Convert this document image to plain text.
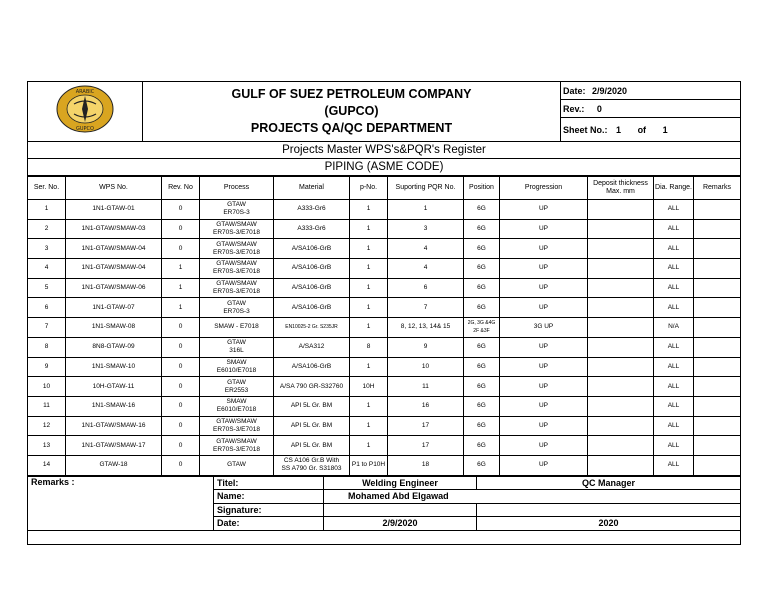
ARABIC
GUPCO

GULF OF SUEZ PETROLEUM COMPANY
(GUPCO)
PROJECTS QA/QC DEPARTMENT
	Date: 2/9/2020
Rev.: 0
Sheet No.: 1 of 1
Projects Master WPS's&PQR's Register
PIPING (ASME CODE)
Ser. No.	WPS No.	Rev. No	Process	Material	p-No.	Suporting PQR No.	Position	Progression	Deposit thickness Max. mm	Dia. Range.	Remarks
1	1N1-GTAW-01	0	GTAW
ER70S-3	A333-Gr6	1	1	6G	UP		ALL	
2	1N1-GTAW/SMAW-03	0	GTAW/SMAW
ER70S-3/E7018	A333-Gr6	1	3	6G	UP		ALL	
3	1N1-GTAW/SMAW-04	0	GTAW/SMAW
ER70S-3/E7018	A/SA106-GrB	1	4	6G	UP		ALL	
4	1N1-GTAW/SMAW-04	1	GTAW/SMAW
ER70S-3/E7018	A/SA106-GrB	1	4	6G	UP		ALL	
5	1N1-GTAW/SMAW-06	1	GTAW/SMAW
ER70S-3/E7018	A/SA106-GrB	1	6	6G	UP		ALL	
6	1N1-GTAW-07	1	GTAW
ER70S-3	A/SA106-GrB	1	7	6G	UP		ALL	
7	1N1-SMAW-08	0	SMAW - E7018	EN10025-2 Gr. S235JR	1	8, 12, 13, 14& 15	2G, 3G &4G
2F &3F	3G UP		N/A	
8	8N8-GTAW-09	0	GTAW
316L	A/SA312	8	9	6G	UP		ALL	
9	1N1-SMAW-10	0	SMAW
E6010/E7018	A/SA106-GrB	1	10	6G	UP		ALL	
10	10H-GTAW-11	0	GTAW
ER2553	A/SA 790 GR-S32760	10H	11	6G	UP		ALL	
11	1N1-SMAW-16	0	SMAW
E6010/E7018	API 5L Gr. BM	1	16	6G	UP		ALL	
12	1N1-GTAW/SMAW-16	0	GTAW/SMAW
ER70S-3/E7018	API 5L Gr. BM	1	17	6G	UP		ALL	
13	1N1-GTAW/SMAW-17	0	GTAW/SMAW
ER70S-3/E7018	API 5L Gr. BM	1	17	6G	UP		ALL	
14	GTAW-18	0	GTAW	CS A106 Gr.B With
SS A790 Gr. S31803	P1 to P10H	18	6G	UP		ALL	
Remarks :	Titel:	Welding Engineer	QC Manager
	Name:	Mohamed Abd Elgawad	
	Signature:		
	Date:	2/9/2020	2020
